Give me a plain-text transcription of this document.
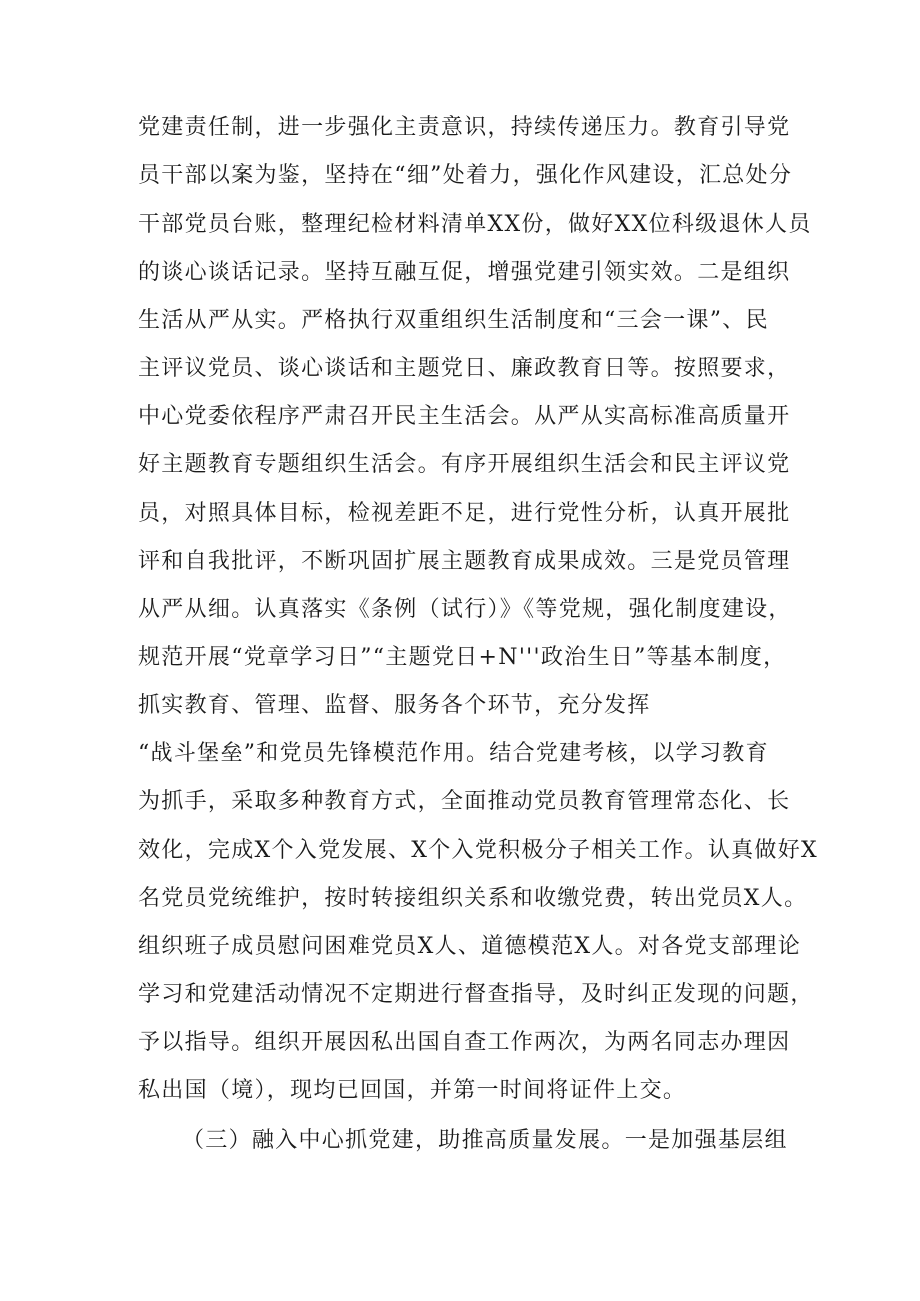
党建责任制，进一步强化主责意识，持续传递压力。教育引导党
员干部以案为鉴，坚持在“细”处着力，强化作风建设，汇总处分
干部党员台账，整理纪检材料清单XX份，做好XX位科级退休人员
的谈心谈话记录。坚持互融互促，增强党建引领实效。二是组织
生活从严从实。严格执行双重组织生活制度和“三会一课”、民
主评议党员、谈心谈话和主题党日、廉政教育日等。按照要求，
中心党委依程序严肃召开民主生活会。从严从实高标准高质量开
好主题教育专题组织生活会。有序开展组织生活会和民主评议党
员，对照具体目标，检视差距不足，进行党性分析，认真开展批
评和自我批评，不断巩固扩展主题教育成果成效。三是党员管理
从严从细。认真落实《条例（试行）》《等党规，强化制度建设，
规范开展“党章学习日”“主题党日+N'''政治生日”等基本制度，
抓实教育、管理、监督、服务各个环节，充分发挥
“战斗堡垒”和党员先锋模范作用。结合党建考核，以学习教育
为抓手，采取多种教育方式，全面推动党员教育管理常态化、长
效化，完成X个入党发展、X个入党积极分子相关工作。认真做好X
名党员党统维护，按时转接组织关系和收缴党费，转出党员X人。
组织班子成员慰问困难党员X人、道德模范X人。对各党支部理论
学习和党建活动情况不定期进行督查指导，及时纠正发现的问题，
予以指导。组织开展因私出国自查工作两次，为两名同志办理因
私出国（境），现均已回国，并第一时间将证件上交。
（三）融入中心抓党建，助推高质量发展。一是加强基层组
